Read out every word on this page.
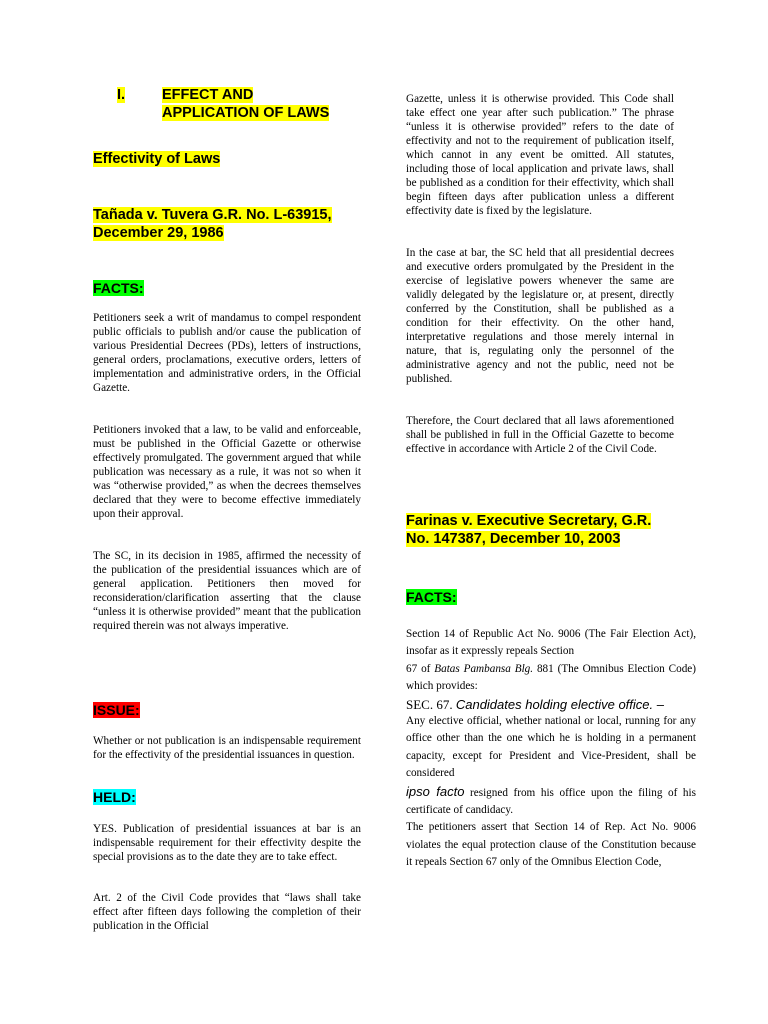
I.	EFFECT AND
APPLICATION OF LAWS
Effectivity of Laws
Tañada v. Tuvera G.R. No. L-63915,
December 29, 1986
FACTS:

Petitioners seek a writ of mandamus to compel respondent public officials to publish and/or cause the publication of various Presidential Decrees (PDs), letters of instructions, general orders, proclamations, executive orders, letters of implementation and administrative orders, in the Official Gazette.

Petitioners invoked that a law, to be valid and enforceable, must be published in the Official Gazette or otherwise effectively promulgated. The government argued that while publication was necessary as a rule, it was not so when it was “otherwise provided,” as when the decrees themselves declared that they were to become effective immediately upon their approval.

The SC, in its decision in 1985, affirmed the necessity of the publication of the presidential issuances which are of general application. Petitioners then moved for reconsideration/clarification asserting that the clause “unless it is otherwise provided” meant that the publication required therein was not always imperative.

ISSUE:

Whether or not publication is an indispensable requirement for the effectivity of the presidential issuances in question.

HELD:

YES. Publication of presidential issuances at bar is an indispensable requirement for their effectivity despite the special provisions as to the date they are to take effect.

Art. 2 of the Civil Code provides that “laws shall take effect after fifteen days following the completion of their publication in the Official

Gazette, unless it is otherwise provided. This Code shall take effect one year after such publication.” The phrase “unless it is otherwise provided” refers to the date of effectivity and not to the requirement of publication itself, which cannot in any event be omitted. All statutes, including those of local application and private laws, shall be published as a condition for their effectivity, which shall begin fifteen days after publication unless a different effectivity date is fixed by the legislature.

In the case at bar, the SC held that all presidential decrees and executive orders promulgated by the President in the exercise of legislative powers whenever the same are validly delegated by the legislature or, at present, directly conferred by the Constitution, shall be published as a condition for their effectivity. On the other hand, interpretative regulations and those merely internal in nature, that is, regulating only the personnel of the administrative agency and not the public, need not be published.

Therefore, the Court declared that all laws aforementioned shall be published in full in the Official Gazette to become effective in accordance with Article 2 of the Civil Code.

Farinas v. Executive Secretary, G.R.
No. 147387, December 10, 2003
FACTS:

Section 14 of Republic Act No. 9006 (The Fair Election Act), insofar as it expressly repeals Section

67 of Batas Pambansa Blg. 881 (The Omnibus Election Code) which provides:

SEC. 67. Candidates holding elective office. –

Any elective official, whether national or local, running for any office other than the one which he is holding in a permanent capacity, except for President and Vice-President, shall be considered

ipso facto resigned from his office upon the filing of his certificate of candidacy.

The petitioners assert that Section 14 of Rep. Act No. 9006 violates the equal protection clause of the Constitution because it repeals Section 67 only of the Omnibus Election Code,
